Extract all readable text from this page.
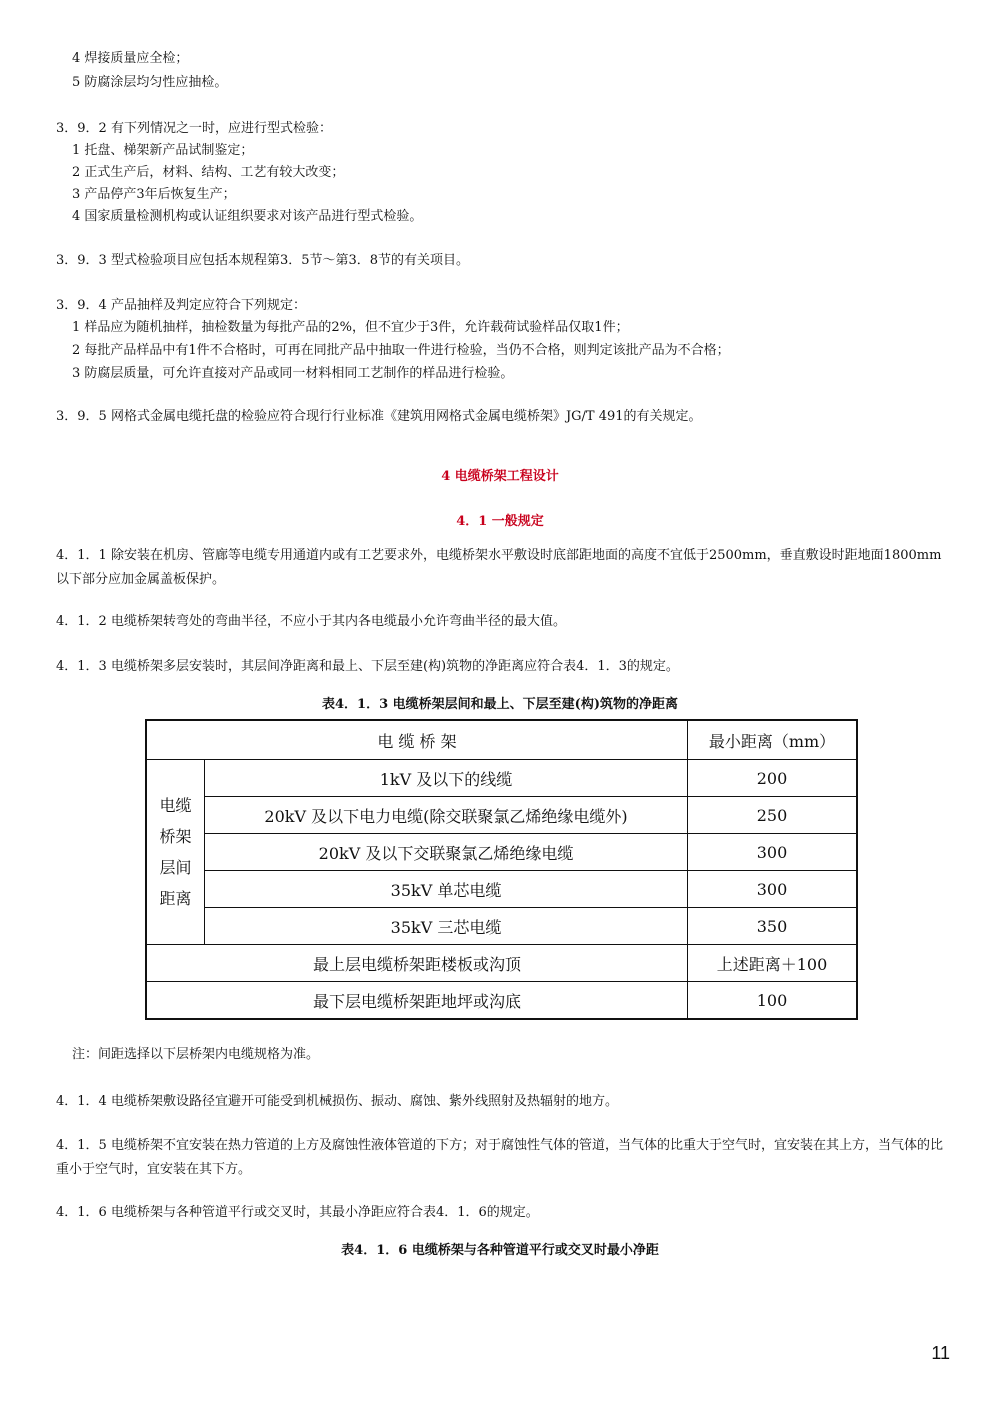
4 焊接质量应全检；
5 防腐涂层均匀性应抽检。
3．9．2 有下列情况之一时，应进行型式检验：
1 托盘、梯架新产品试制鉴定；
2 正式生产后，材料、结构、工艺有较大改变；
3 产品停产3年后恢复生产；
4 国家质量检测机构或认证组织要求对该产品进行型式检验。
3．9．3 型式检验项目应包括本规程第3．5节～第3．8节的有关项目。
3．9．4 产品抽样及判定应符合下列规定：
1 样品应为随机抽样，抽检数量为每批产品的2%，但不宜少于3件，允许载荷试验样品仅取1件；
2 每批产品样品中有1件不合格时，可再在同批产品中抽取一件进行检验，当仍不合格，则判定该批产品为不合格；
3 防腐层质量，可允许直接对产品或同一材料相同工艺制作的样品进行检验。
3．9．5 网格式金属电缆托盘的检验应符合现行行业标准《建筑用网格式金属电缆桥架》JG/T 491的有关规定。
4 电缆桥架工程设计
4．1 一般规定
4．1．1 除安装在机房、管廊等电缆专用通道内或有工艺要求外，电缆桥架水平敷设时底部距地面的高度不宜低于2500mm，垂直敷设时距地面1800mm以下部分应加金属盖板保护。
4．1．2 电缆桥架转弯处的弯曲半径，不应小于其内各电缆最小允许弯曲半径的最大值。
4．1．3 电缆桥架多层安装时，其层间净距离和最上、下层至建(构)筑物的净距离应符合表4．1．3的规定。
表4．1．3 电缆桥架层间和最上、下层至建(构)筑物的净距离
电 缆 桥 架		最小距离（mm）

电缆
桥架
层间
距离	1kV 及以下的线缆	200
	20kV 及以下电力电缆(除交联聚氯乙烯绝缘电缆外)	250
	20kV 及以下交联聚氯乙烯绝缘电缆	300
	35kV 单芯电缆	300
	35kV 三芯电缆	350
最上层电缆桥架距楼板或沟顶		上述距离＋100
最下层电缆桥架距地坪或沟底		100
注：间距选择以下层桥架内电缆规格为准。
4．1．4 电缆桥架敷设路径宜避开可能受到机械损伤、振动、腐蚀、紫外线照射及热辐射的地方。
4．1．5 电缆桥架不宜安装在热力管道的上方及腐蚀性液体管道的下方；对于腐蚀性气体的管道，当气体的比重大于空气时，宜安装在其上方，当气体的比重小于空气时，宜安装在其下方。
4．1．6 电缆桥架与各种管道平行或交叉时，其最小净距应符合表4．1．6的规定。
表4．1．6 电缆桥架与各种管道平行或交叉时最小净距
11
